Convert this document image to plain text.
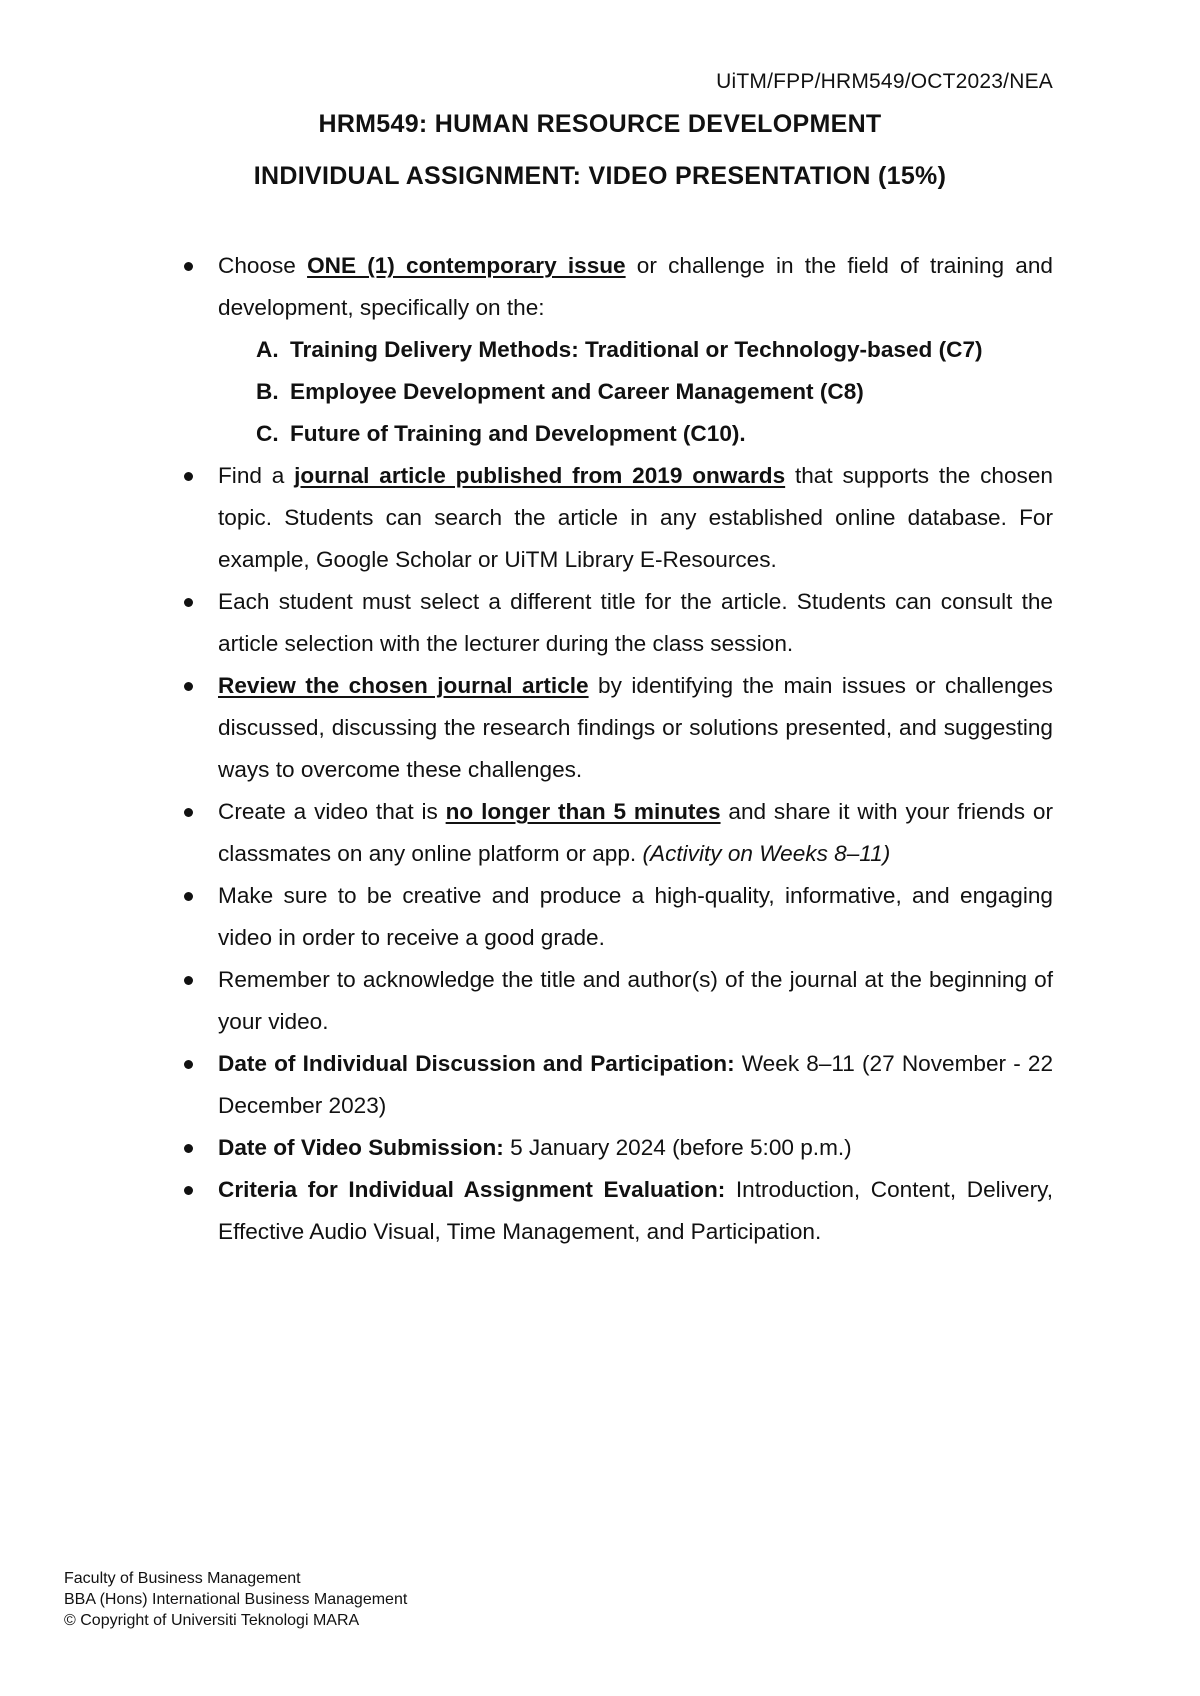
UiTM/FPP/HRM549/OCT2023/NEA
HRM549: HUMAN RESOURCE DEVELOPMENT
INDIVIDUAL ASSIGNMENT: VIDEO PRESENTATION (15%)
Choose ONE (1) contemporary issue or challenge in the field of training and development, specifically on the:
A. Training Delivery Methods: Traditional or Technology-based (C7)
B. Employee Development and Career Management (C8)
C. Future of Training and Development (C10).
Find a journal article published from 2019 onwards that supports the chosen topic. Students can search the article in any established online database. For example, Google Scholar or UiTM Library E-Resources.
Each student must select a different title for the article. Students can consult the article selection with the lecturer during the class session.
Review the chosen journal article by identifying the main issues or challenges discussed, discussing the research findings or solutions presented, and suggesting ways to overcome these challenges.
Create a video that is no longer than 5 minutes and share it with your friends or classmates on any online platform or app. (Activity on Weeks 8–11)
Make sure to be creative and produce a high-quality, informative, and engaging video in order to receive a good grade.
Remember to acknowledge the title and author(s) of the journal at the beginning of your video.
Date of Individual Discussion and Participation: Week 8–11 (27 November - 22 December 2023)
Date of Video Submission: 5 January 2024 (before 5:00 p.m.)
Criteria for Individual Assignment Evaluation: Introduction, Content, Delivery, Effective Audio Visual, Time Management, and Participation.
Faculty of Business Management
BBA (Hons) International Business Management
© Copyright of Universiti Teknologi MARA
